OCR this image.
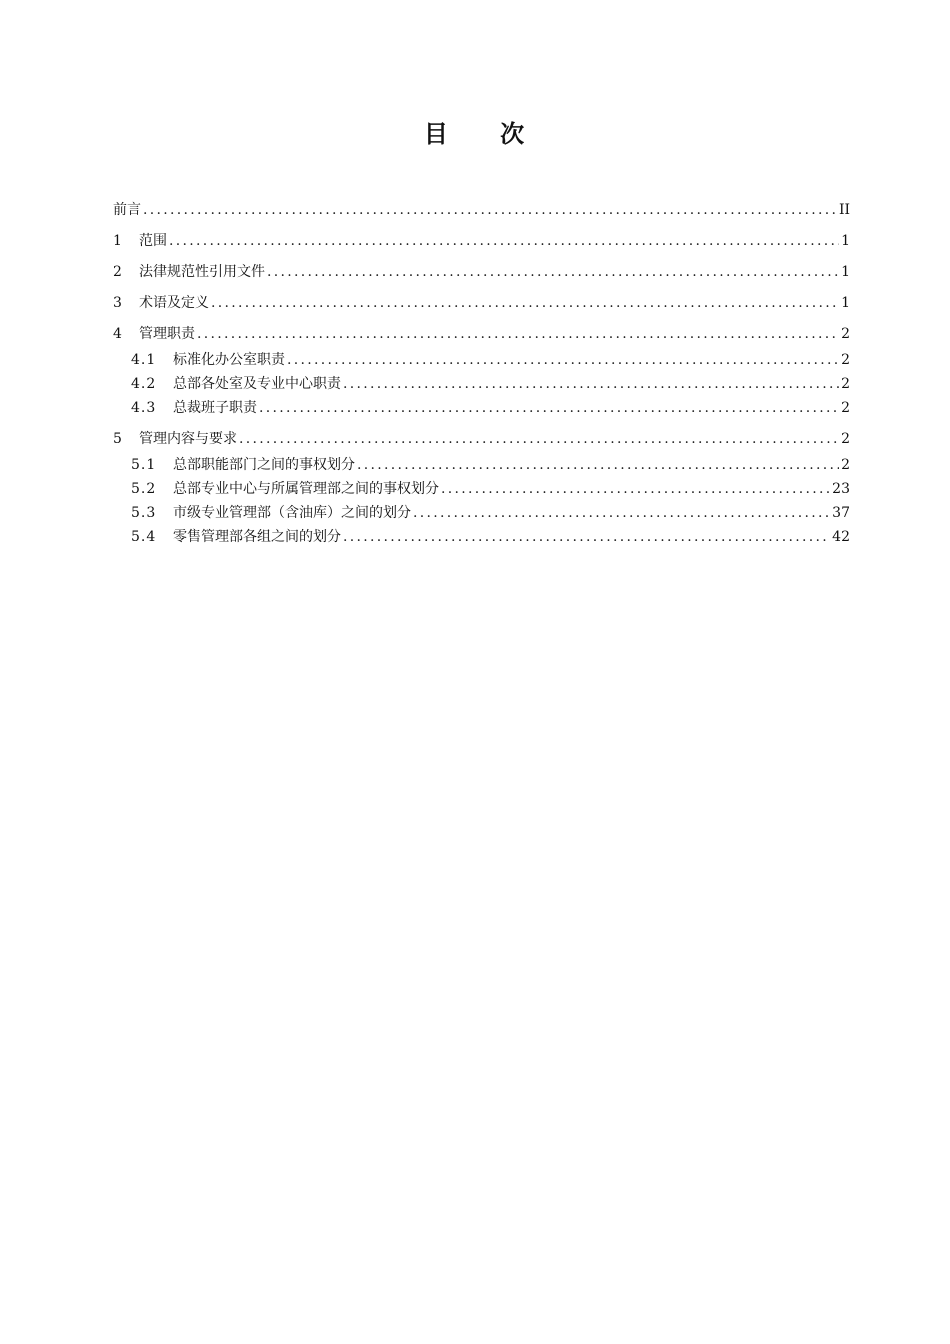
目 次
前言 .....	II
1	范围 .....	1
2	法律规范性引用文件 .....	1
3	术语及定义 .....	1
4	管理职责 .....	2
4.1	标准化办公室职责 .....	2
4.2	总部各处室及专业中心职责 .....	2
4.3	总裁班子职责 .....	2
5	管理内容与要求 .....	2
5.1	总部职能部门之间的事权划分 .....	2
5.2	总部专业中心与所属管理部之间的事权划分 .....	23
5.3	市级专业管理部（含油库）之间的划分 .....	37
5.4	零售管理部各组之间的划分 .....	42
